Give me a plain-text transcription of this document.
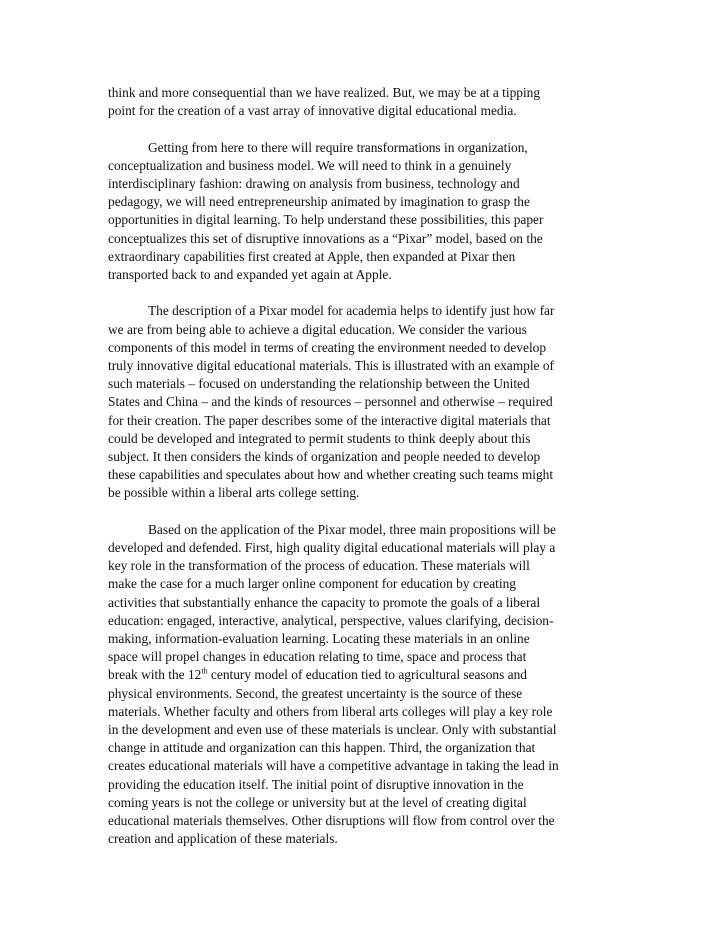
think and more consequential than we have realized. But, we may be at a tipping
point for the creation of a vast array of innovative digital educational media.
Getting from here to there will require transformations in organization,
conceptualization and business model. We will need to think in a genuinely
interdisciplinary fashion: drawing on analysis from business, technology and
pedagogy, we will need entrepreneurship animated by imagination to grasp the
opportunities in digital learning. To help understand these possibilities, this paper
conceptualizes this set of disruptive innovations as a “Pixar” model, based on the
extraordinary capabilities first created at Apple, then expanded at Pixar then
transported back to and expanded yet again at Apple.
The description of a Pixar model for academia helps to identify just how far
we are from being able to achieve a digital education. We consider the various
components of this model in terms of creating the environment needed to develop
truly innovative digital educational materials. This is illustrated with an example of
such materials – focused on understanding the relationship between the United
States and China – and the kinds of resources – personnel and otherwise – required
for their creation. The paper describes some of the interactive digital materials that
could be developed and integrated to permit students to think deeply about this
subject. It then considers the kinds of organization and people needed to develop
these capabilities and speculates about how and whether creating such teams might
be possible within a liberal arts college setting.
Based on the application of the Pixar model, three main propositions will be
developed and defended. First, high quality digital educational materials will play a
key role in the transformation of the process of education. These materials will
make the case for a much larger online component for education by creating
activities that substantially enhance the capacity to promote the goals of a liberal
education: engaged, interactive, analytical, perspective, values clarifying, decision-
making, information-evaluation learning. Locating these materials in an online
space will propel changes in education relating to time, space and process that
break with the 12th century model of education tied to agricultural seasons and
physical environments. Second, the greatest uncertainty is the source of these
materials. Whether faculty and others from liberal arts colleges will play a key role
in the development and even use of these materials is unclear. Only with substantial
change in attitude and organization can this happen. Third, the organization that
creates educational materials will have a competitive advantage in taking the lead in
providing the education itself. The initial point of disruptive innovation in the
coming years is not the college or university but at the level of creating digital
educational materials themselves. Other disruptions will flow from control over the
creation and application of these materials.
